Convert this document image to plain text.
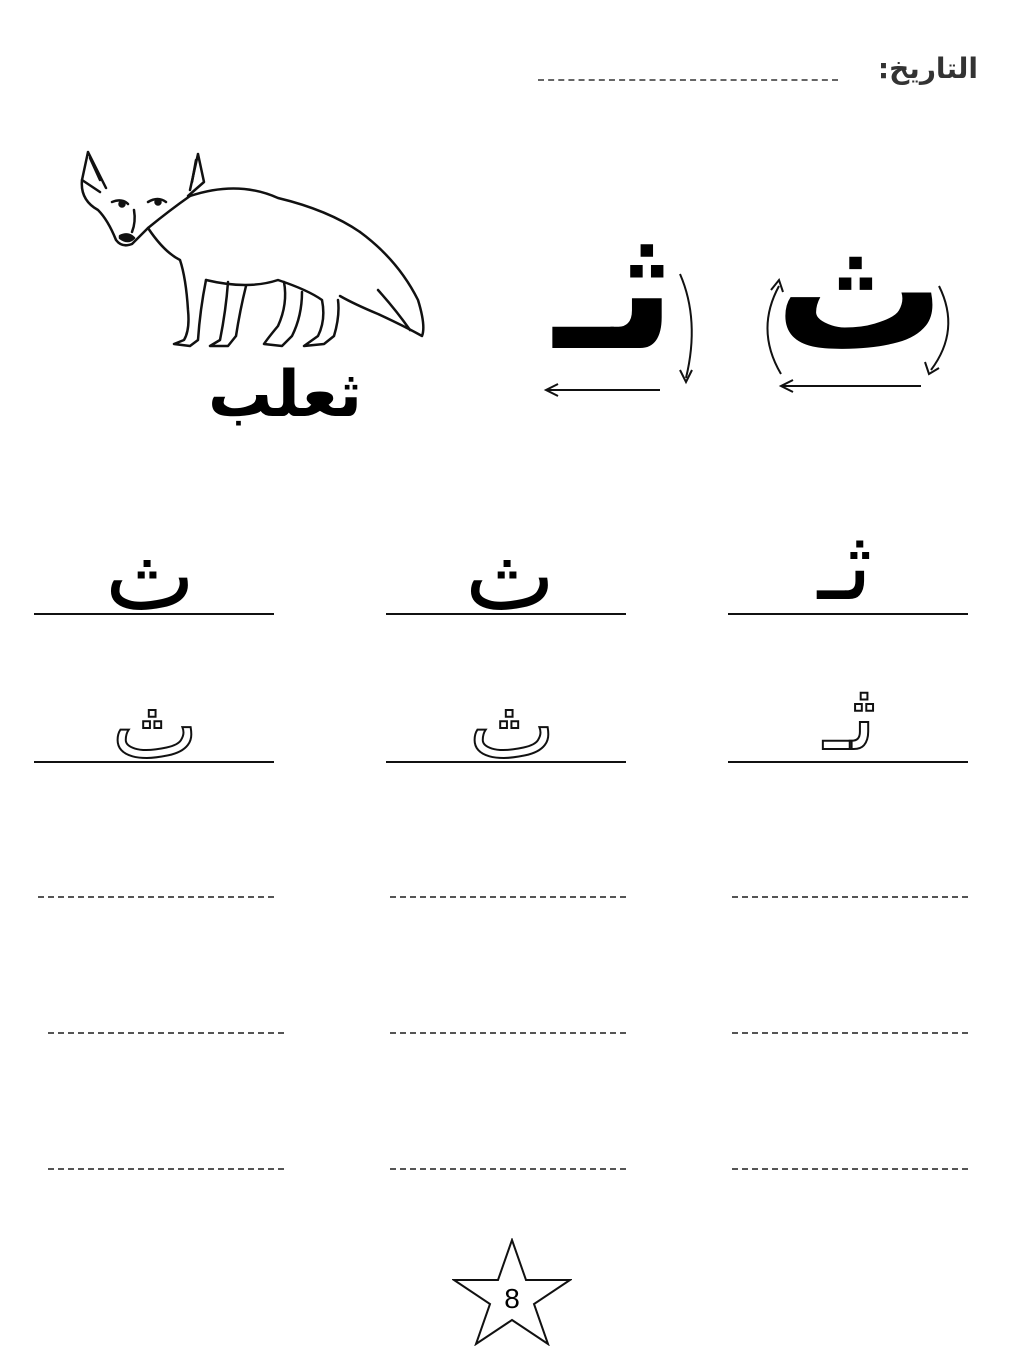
التاريخ:
ثعلب
ثـ ث
ث	ث	ثـ
ث	ث	ثـ
8
